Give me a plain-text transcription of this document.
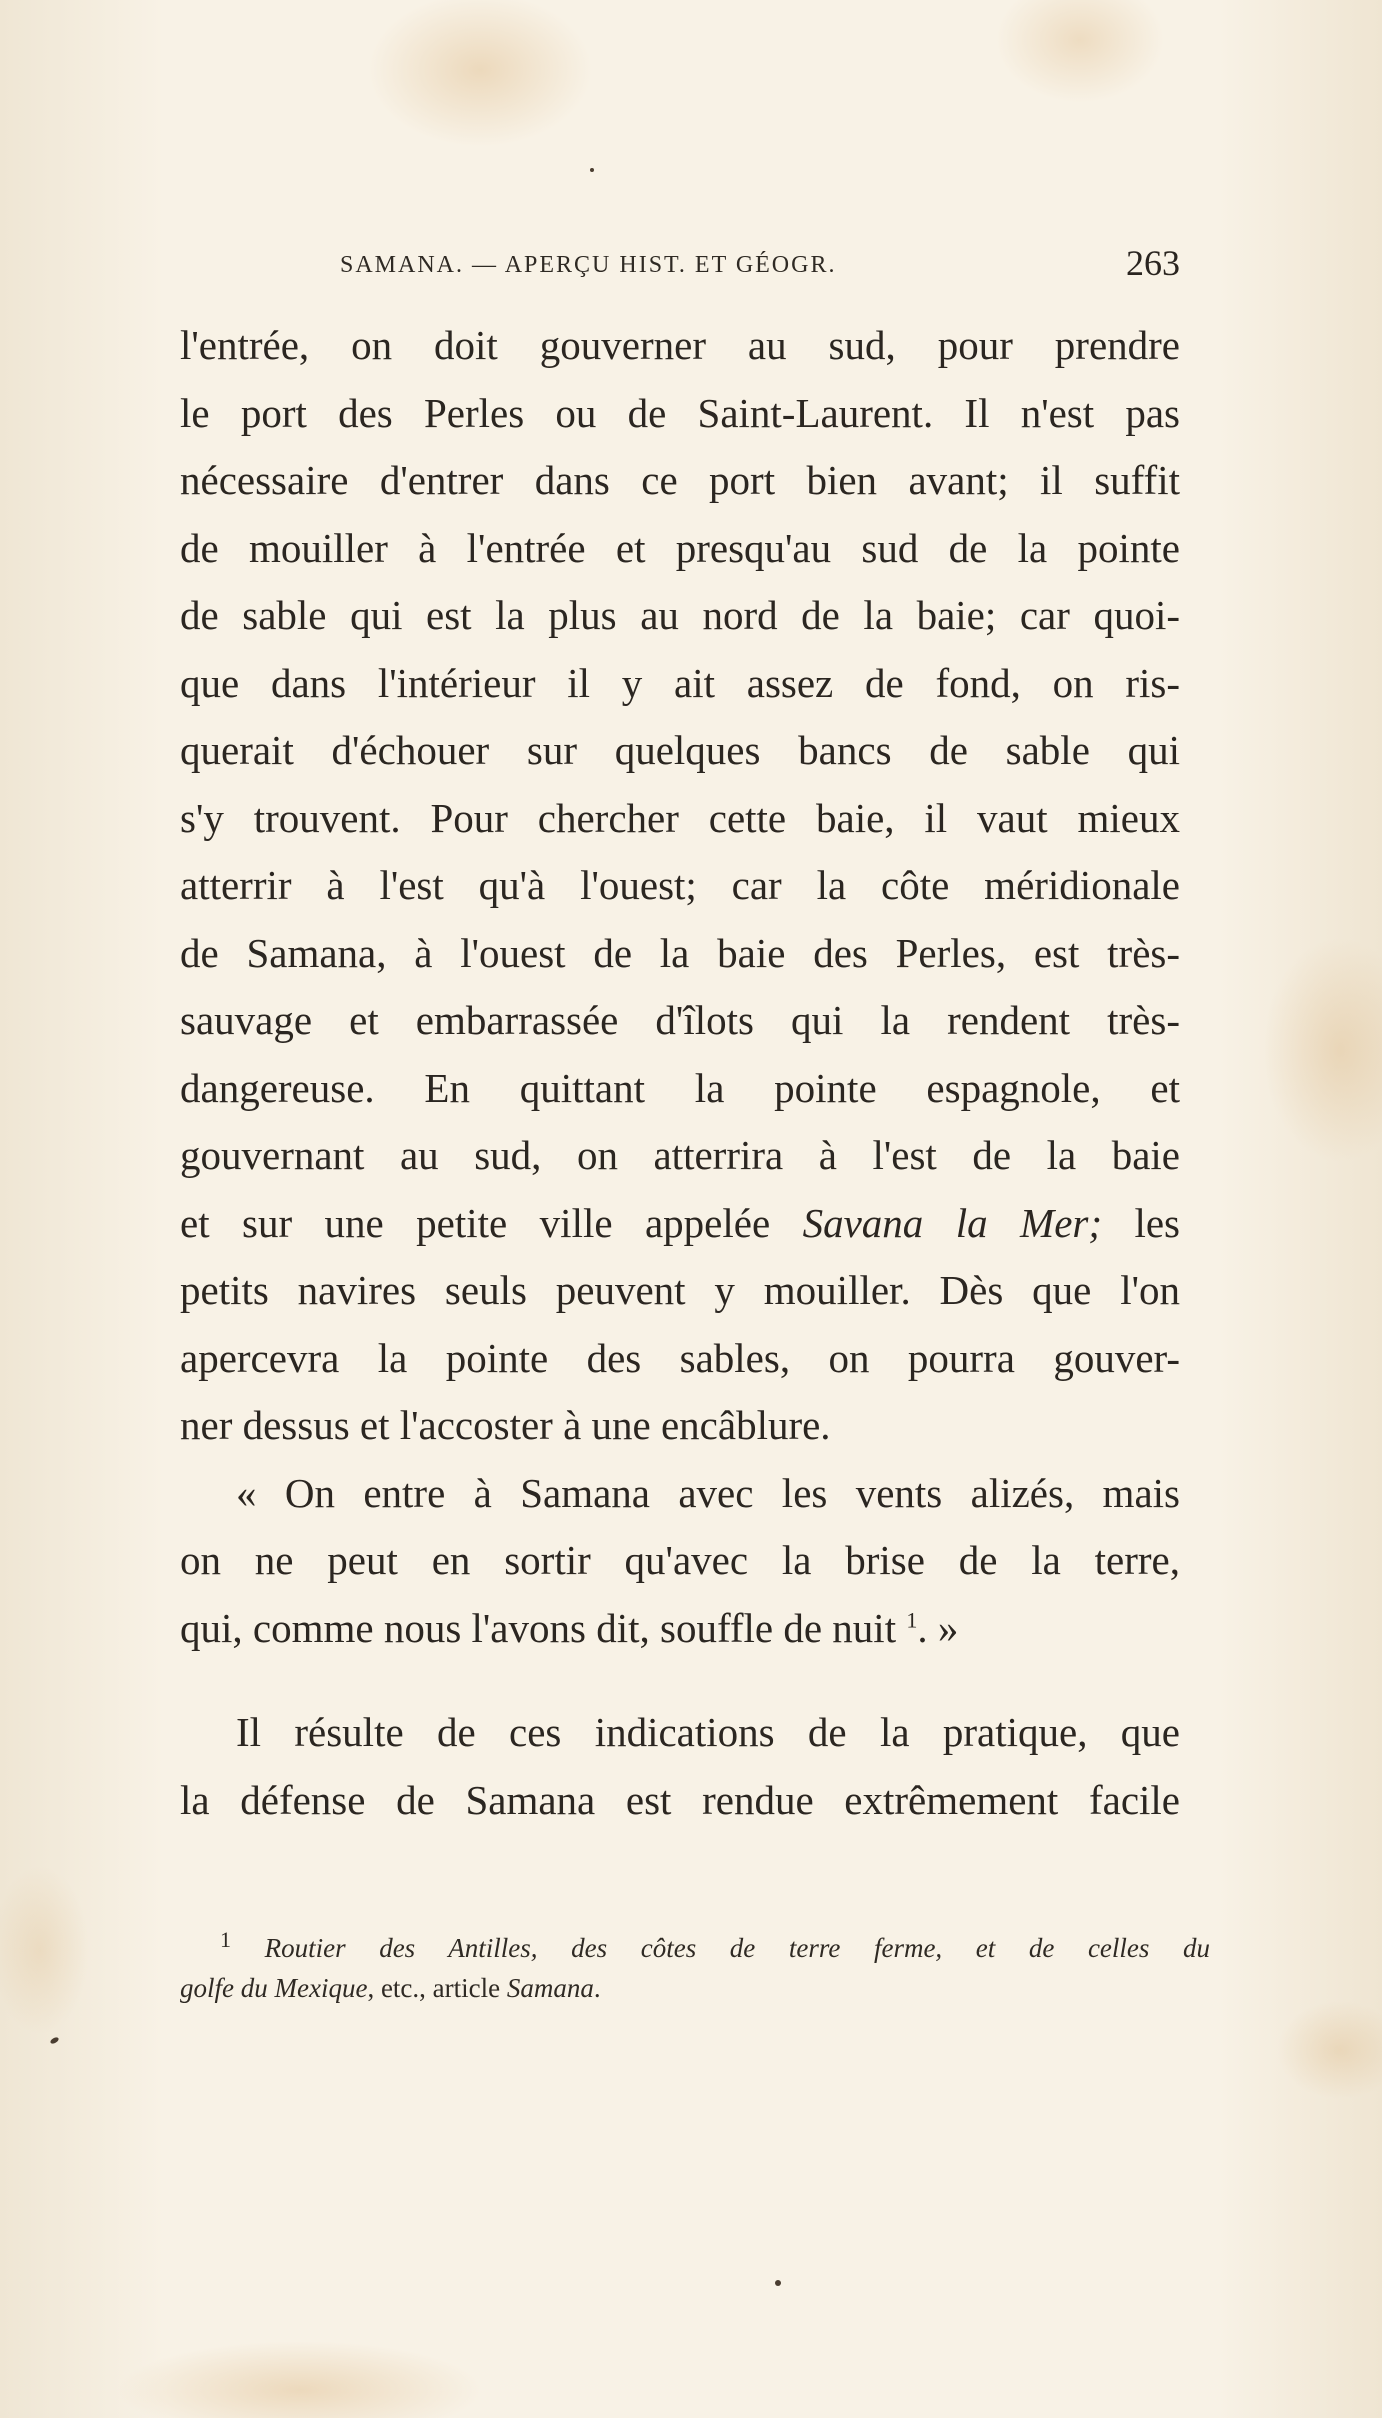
SAMANA. — APERÇU HIST. ET GÉOGR.	263
l'entrée, on doit gouverner au sud, pour prendre
le port des Perles ou de Saint-Laurent. Il n'est pas
nécessaire d'entrer dans ce port bien avant; il suffit
de mouiller à l'entrée et presqu'au sud de la pointe
de sable qui est la plus au nord de la baie; car quoi-
que dans l'intérieur il y ait assez de fond, on ris-
querait d'échouer sur quelques bancs de sable qui
s'y trouvent. Pour chercher cette baie, il vaut mieux
atterrir à l'est qu'à l'ouest; car la côte méridionale
de Samana, à l'ouest de la baie des Perles, est très-
sauvage et embarrassée d'îlots qui la rendent très-
dangereuse. En quittant la pointe espagnole, et
gouvernant au sud, on atterrira à l'est de la baie
et sur une petite ville appelée Savana la Mer; les
petits navires seuls peuvent y mouiller. Dès que l'on
apercevra la pointe des sables, on pourra gouver-
ner dessus et l'accoster à une encâblure.
« On entre à Samana avec les vents alizés, mais
on ne peut en sortir qu'avec la brise de la terre,
qui, comme nous l'avons dit, souffle de nuit $^1$. »
Il résulte de ces indications de la pratique, que
la défense de Samana est rendue extrêmement facile
$^1$ Routier des Antilles, des côtes de terre ferme, et de celles du
golfe du Mexique, etc., article Samana.
